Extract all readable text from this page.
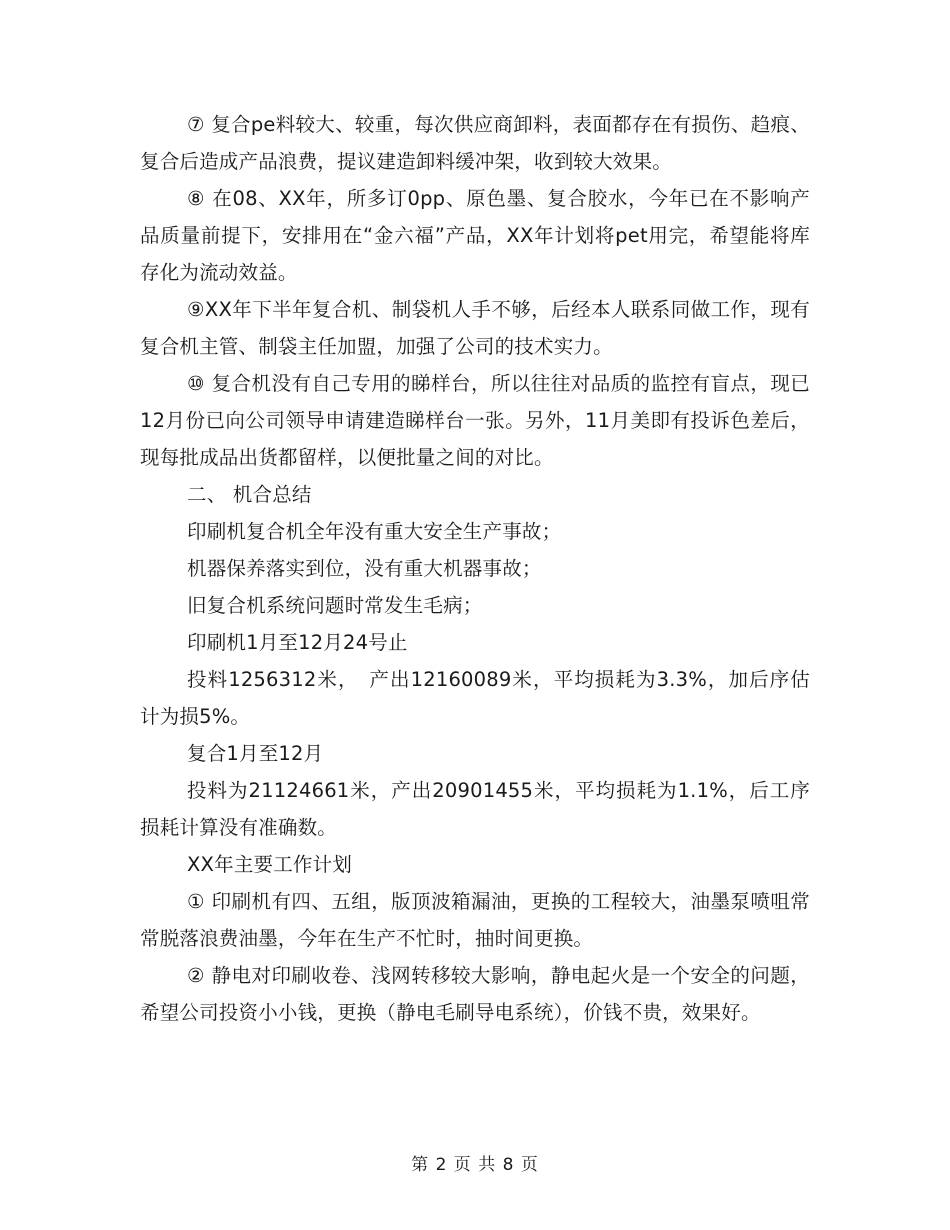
⑦ 复合pe料较大、较重，每次供应商卸料，表面都存在有损伤、趋痕、复合后造成产品浪费，提议建造卸料缓冲架，收到较大效果。

⑧ 在08、XX年，所多订0pp、原色墨、复合胶水，今年已在不影响产品质量前提下，安排用在“金六福”产品，XX年计划将pet用完，希望能将库存化为流动效益。

⑨XX年下半年复合机、制袋机人手不够，后经本人联系同做工作，现有复合机主管、制袋主任加盟，加强了公司的技术实力。

⑩ 复合机没有自己专用的睇样台，所以往往对品质的监控有盲点，现已12月份已向公司领导申请建造睇样台一张。另外，11月美即有投诉色差后，现每批成品出货都留样，以便批量之间的对比。

二、 机合总结

印刷机复合机全年没有重大安全生产事故；

机器保养落实到位，没有重大机器事故；

旧复合机系统问题时常发生毛病；

印刷机1月至12月24号止

投料1256312米，　产出12160089米，平均损耗为3.3%，加后序估计为损5%。

复合1月至12月

投料为21124661米，产出20901455米，平均损耗为1.1%，后工序损耗计算没有准确数。

XX年主要工作计划

① 印刷机有四、五组，版顶波箱漏油，更换的工程较大，油墨泵喷咀常常脱落浪费油墨，今年在生产不忙时，抽时间更换。

② 静电对印刷收卷、浅网转移较大影响，静电起火是一个安全的问题，希望公司投资小小钱，更换（静电毛刷导电系统），价钱不贵，效果好。

第 2 页 共 8 页
